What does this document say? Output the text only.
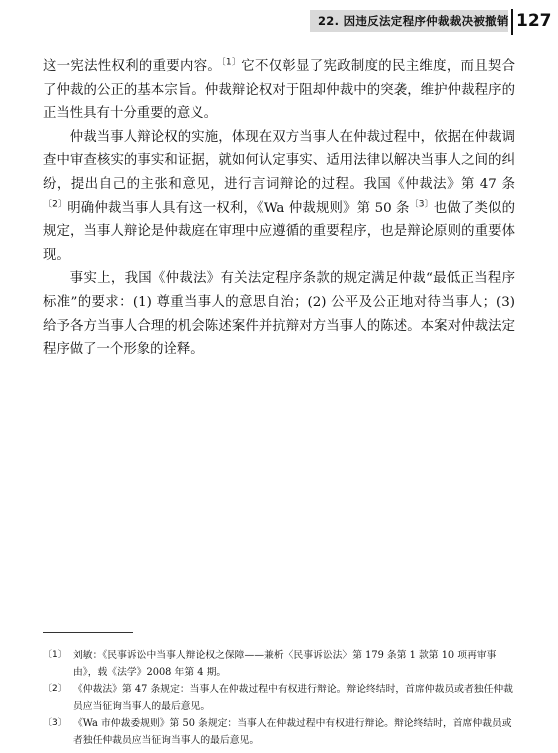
22. 因违反法定程序仲裁裁决被撤销 127

这一宪法性权利的重要内容。$^{〔1〕}$它不仅彰显了宪政制度的民主维度，而且契合了仲裁的公正的基本宗旨。仲裁辩论权对于阻却仲裁中的突袭，维护仲裁程序的正当性具有十分重要的意义。

仲裁当事人辩论权的实施，体现在双方当事人在仲裁过程中，依据在仲裁调查中审查核实的事实和证据，就如何认定事实、适用法律以解决当事人之间的纠纷，提出自己的主张和意见，进行言词辩论的过程。我国《仲裁法》第 47 条$^{〔2〕}$明确仲裁当事人具有这一权利，《Wa 仲裁规则》第 50 条$^{〔3〕}$也做了类似的规定，当事人辩论是仲裁庭在审理中应遵循的重要程序，也是辩论原则的重要体现。

事实上，我国《仲裁法》有关法定程序条款的规定满足仲裁“最低正当程序标准”的要求：(1) 尊重当事人的意思自治；(2) 公平及公正地对待当事人；(3) 给予各方当事人合理的机会陈述案件并抗辩对方当事人的陈述。本案对仲裁法定程序做了一个形象的诠释。

〔1〕 刘敏：《民事诉讼中当事人辩论权之保障——兼析〈民事诉讼法〉第 179 条第 1 款第 10 项再审事由》，载《法学》2008 年第 4 期。
〔2〕 《仲裁法》第 47 条规定：当事人在仲裁过程中有权进行辩论。辩论终结时，首席仲裁员或者独任仲裁员应当征询当事人的最后意见。
〔3〕 《Wa 市仲裁委规则》第 50 条规定：当事人在仲裁过程中有权进行辩论。辩论终结时，首席仲裁员或者独任仲裁员应当征询当事人的最后意见。
